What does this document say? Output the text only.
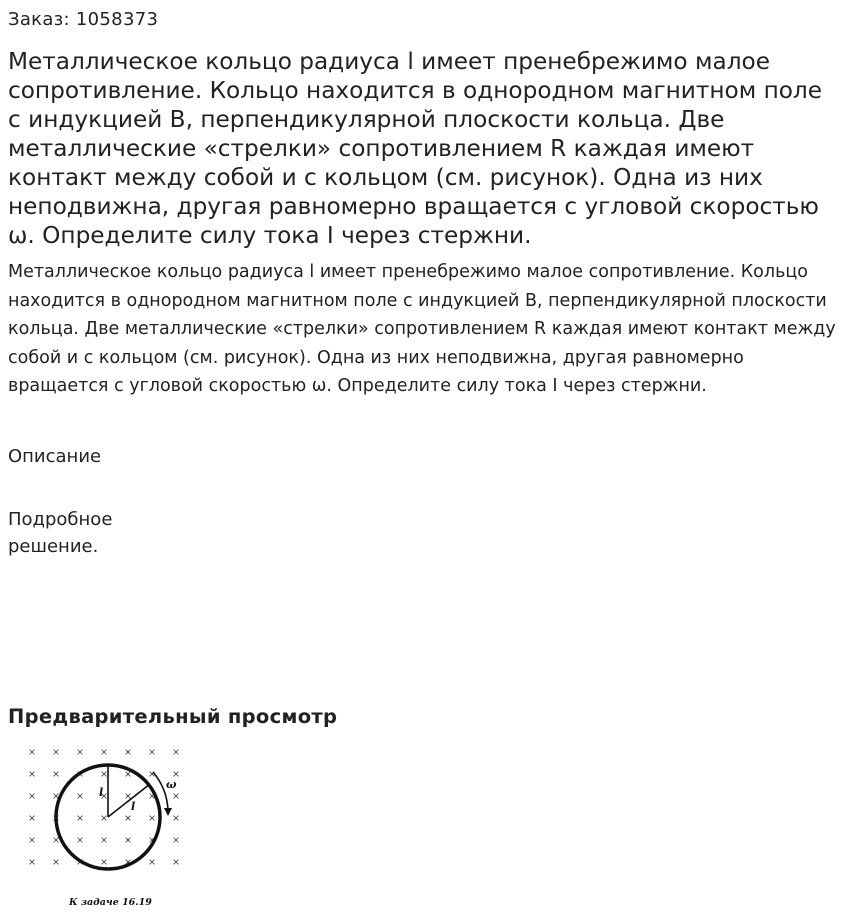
Заказ: 1058373
Металлическое кольцо радиуса l имеет пренебрежимо малое сопротивление. Кольцо находится в однородном магнитном поле с индукцией B, перпендикулярной плоскости кольца. Две металлические «стрелки» сопротивлением R каждая имеют контакт между собой и с кольцом (см. рисунок). Одна из них неподвижна, другая равномерно вращается с угловой скоростью ω. Определите силу тока I через стержни.

Металлическое кольцо радиуса l имеет пренебрежимо малое сопротивление. Кольцо находится в однородном магнитном поле с индукцией B, перпендикулярной плоскости кольца. Две металлические «стрелки» сопротивлением R каждая имеют контакт между собой и с кольцом (см. рисунок). Одна из них неподвижна, другая равномерно вращается с угловой скоростью ω. Определите силу тока I через стержни.

Описание
Подробное решение.
Предварительный просмотр
l
l
ω
К задаче 16.19
